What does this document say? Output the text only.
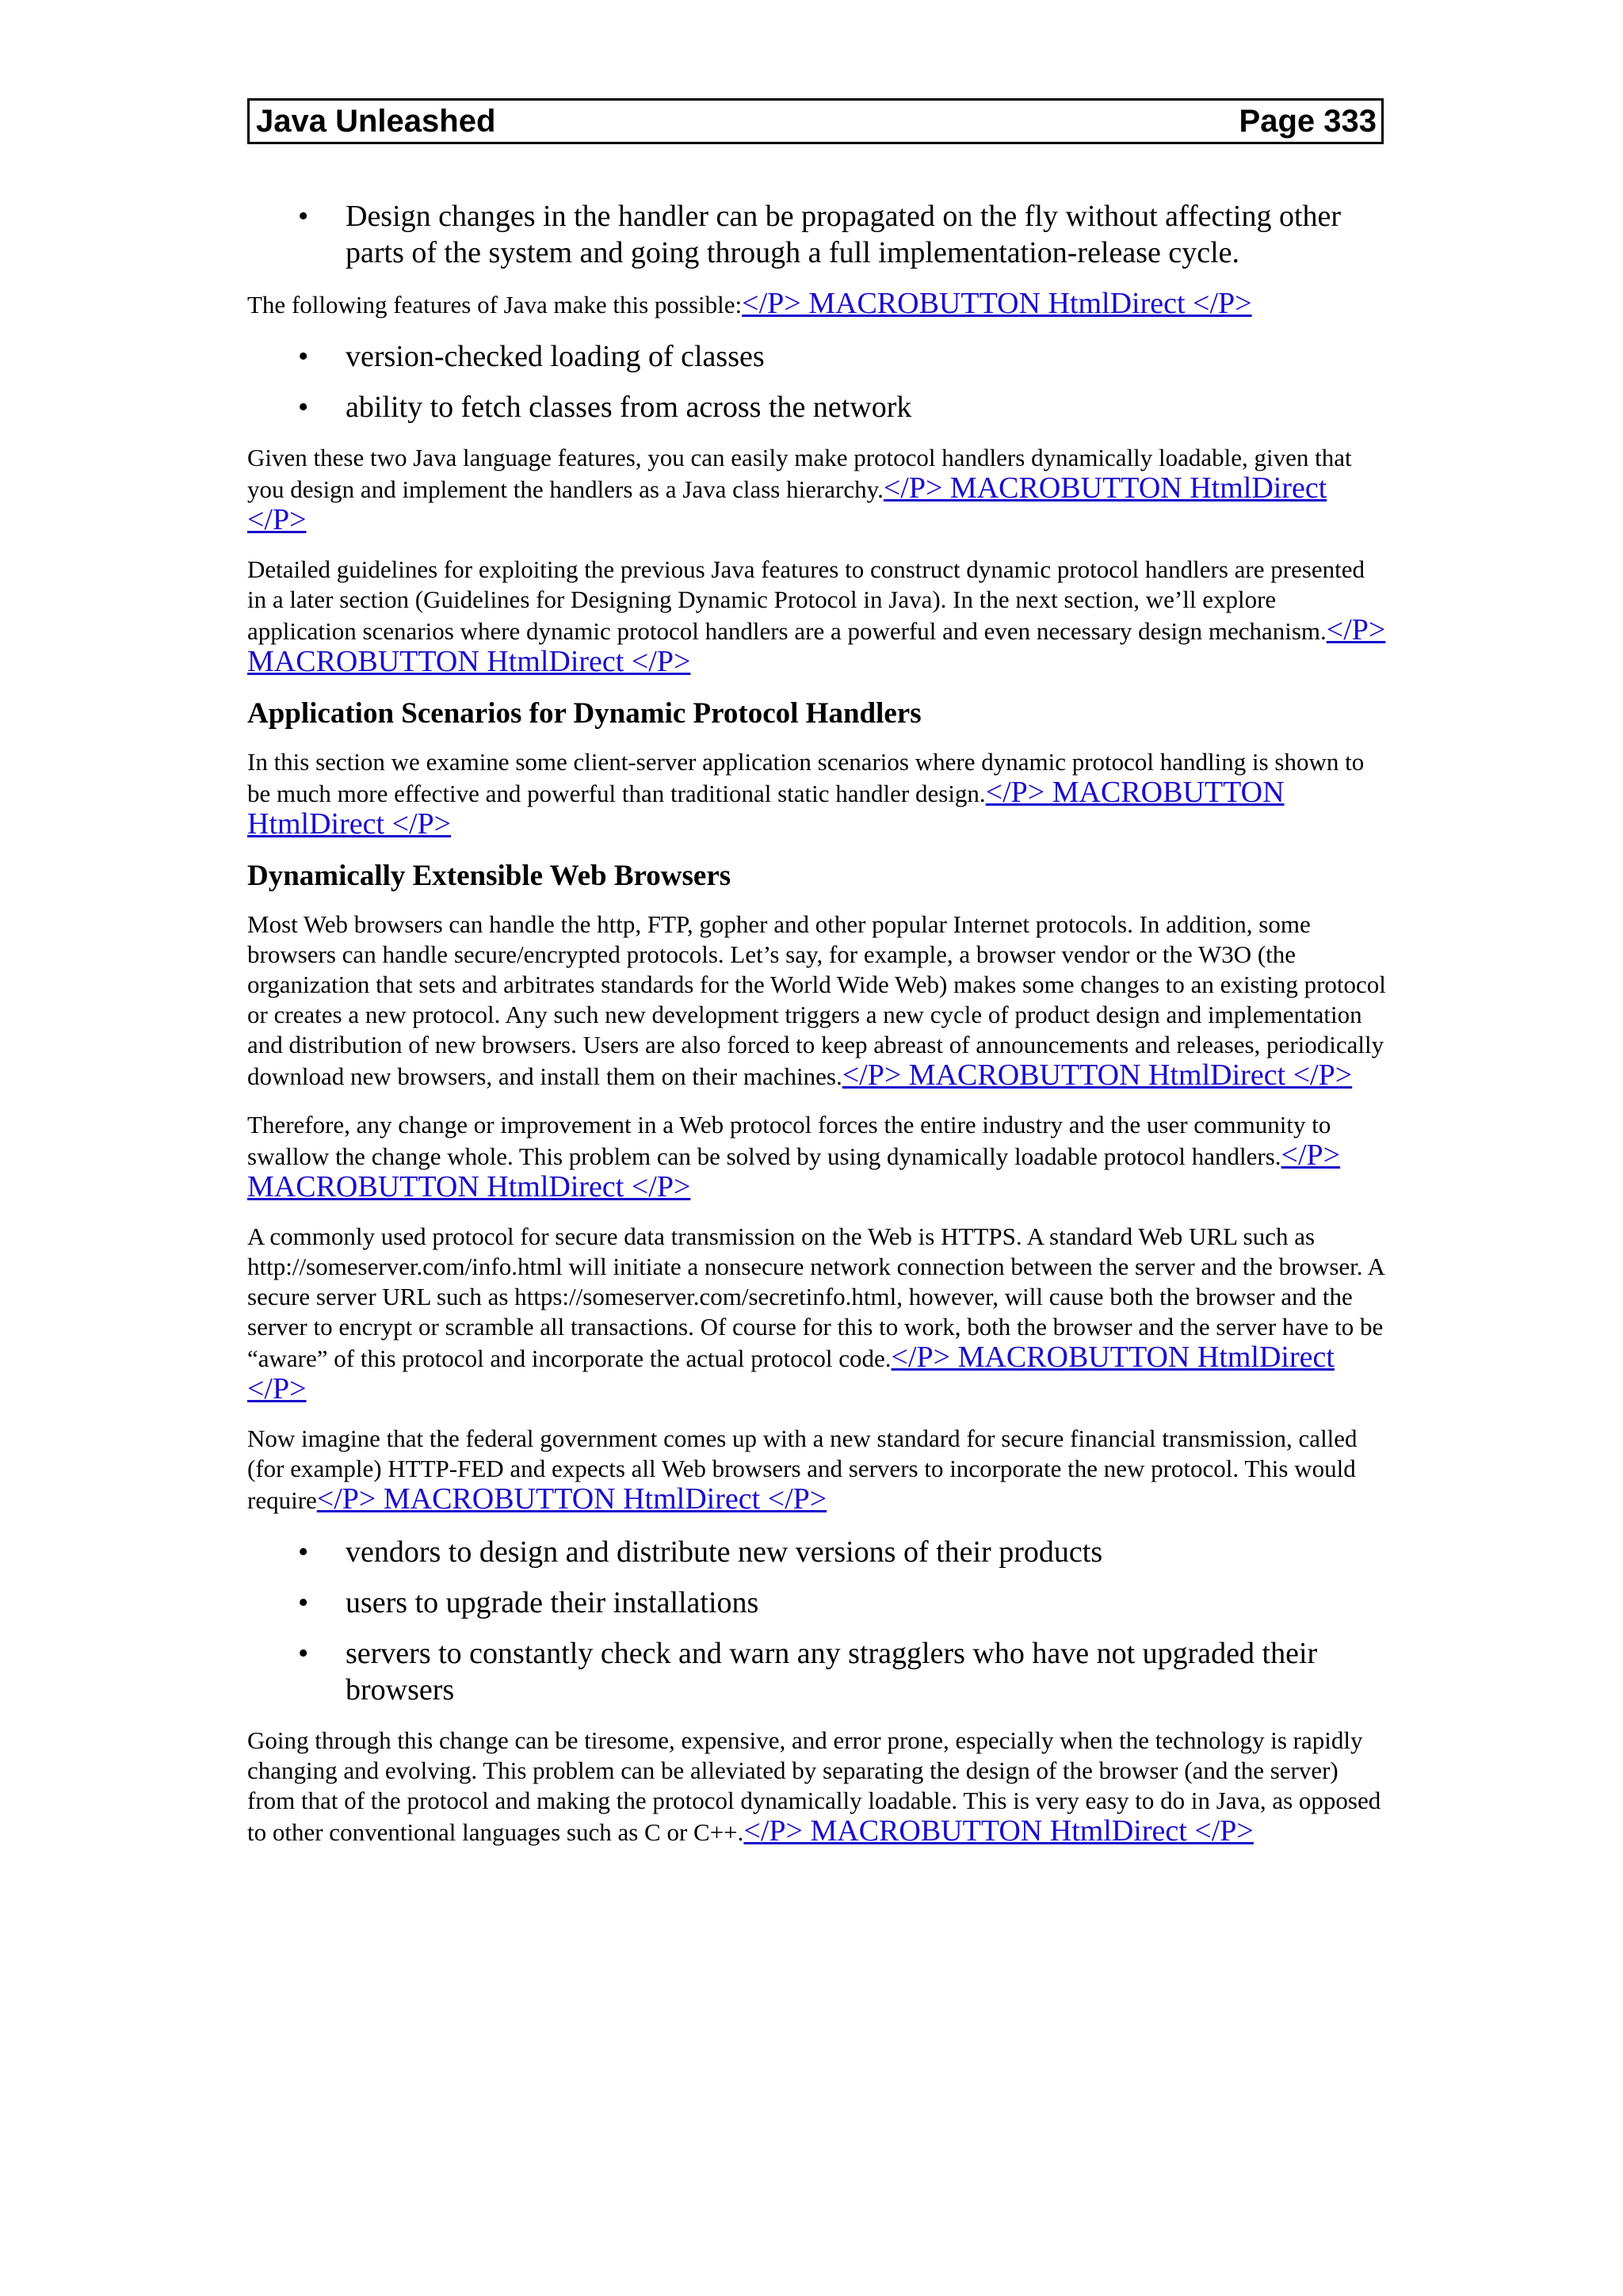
Java Unleashed	Page 333
• Design changes in the handler can be propagated on the fly without affecting other parts of the system and going through a full implementation-release cycle.

The following features of Java make this possible:</P> MACROBUTTON HtmlDirect </P>

• version-checked loading of classes
• ability to fetch classes from across the network

Given these two Java language features, you can easily make protocol handlers dynamically loadable, given that you design and implement the handlers as a Java class hierarchy.</P> MACROBUTTON HtmlDirect </P>

Detailed guidelines for exploiting the previous Java features to construct dynamic protocol handlers are presented in a later section (Guidelines for Designing Dynamic Protocol in Java). In the next section, we’ll explore application scenarios where dynamic protocol handlers are a powerful and even necessary design mechanism.</P> MACROBUTTON HtmlDirect </P>

Application Scenarios for Dynamic Protocol Handlers

In this section we examine some client-server application scenarios where dynamic protocol handling is shown to be much more effective and powerful than traditional static handler design.</P> MACROBUTTON HtmlDirect </P>

Dynamically Extensible Web Browsers

Most Web browsers can handle the http, FTP, gopher and other popular Internet protocols. In addition, some browsers can handle secure/encrypted protocols. Let’s say, for example, a browser vendor or the W3O (the organization that sets and arbitrates standards for the World Wide Web) makes some changes to an existing protocol or creates a new protocol. Any such new development triggers a new cycle of product design and implementation and distribution of new browsers. Users are also forced to keep abreast of announcements and releases, periodically download new browsers, and install them on their machines.</P> MACROBUTTON HtmlDirect </P>

Therefore, any change or improvement in a Web protocol forces the entire industry and the user community to swallow the change whole. This problem can be solved by using dynamically loadable protocol handlers.</P> MACROBUTTON HtmlDirect </P>

A commonly used protocol for secure data transmission on the Web is HTTPS. A standard Web URL such as http://someserver.com/info.html will initiate a nonsecure network connection between the server and the browser. A secure server URL such as https://someserver.com/secretinfo.html, however, will cause both the browser and the server to encrypt or scramble all transactions. Of course for this to work, both the browser and the server have to be “aware” of this protocol and incorporate the actual protocol code.</P> MACROBUTTON HtmlDirect </P>

Now imagine that the federal government comes up with a new standard for secure financial transmission, called (for example) HTTP-FED and expects all Web browsers and servers to incorporate the new protocol. This would require</P> MACROBUTTON HtmlDirect </P>

• vendors to design and distribute new versions of their products
• users to upgrade their installations
• servers to constantly check and warn any stragglers who have not upgraded their browsers

Going through this change can be tiresome, expensive, and error prone, especially when the technology is rapidly changing and evolving. This problem can be alleviated by separating the design of the browser (and the server) from that of the protocol and making the protocol dynamically loadable. This is very easy to do in Java, as opposed to other conventional languages such as C or C++.</P> MACROBUTTON HtmlDirect </P>
